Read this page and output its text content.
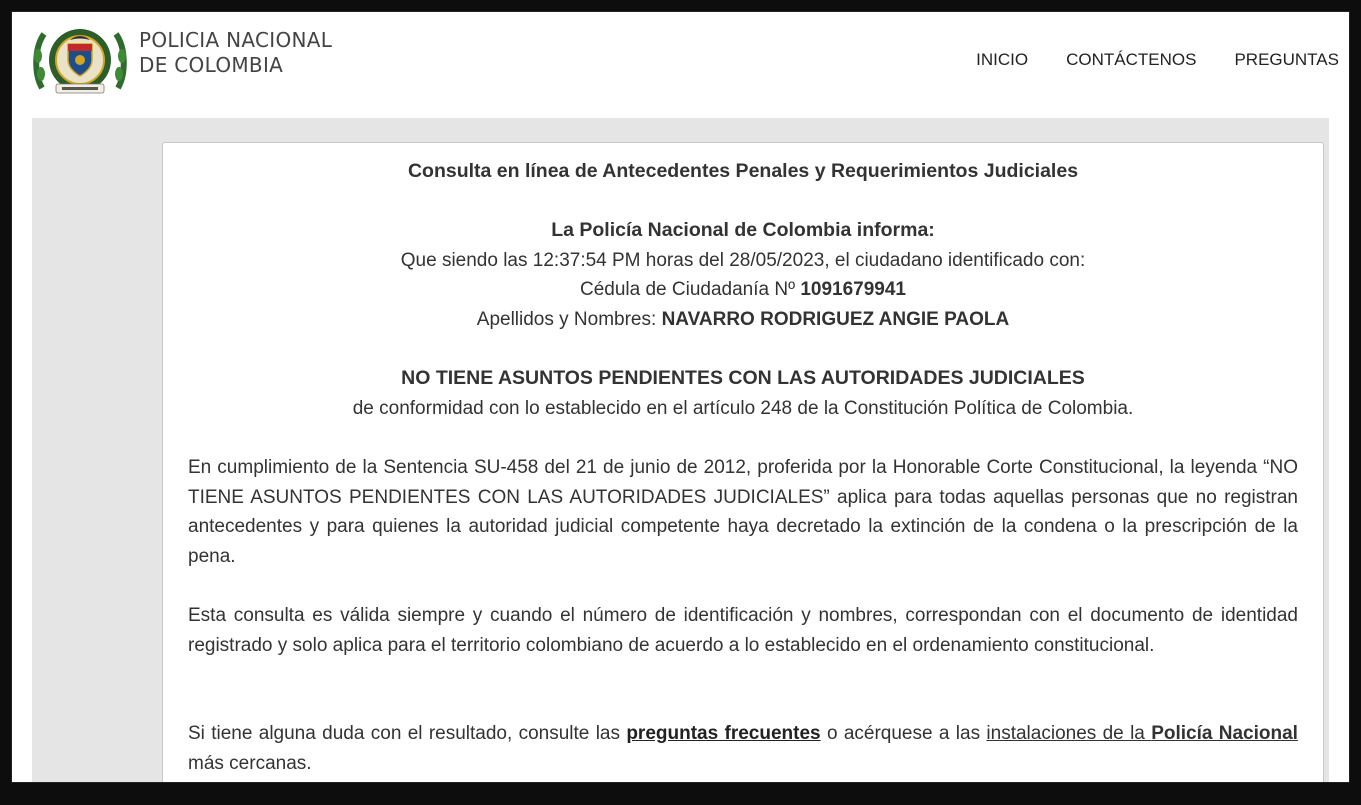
POLICIA NACIONAL
DE COLOMBIA	INICIO CONTÁCTENOS PREGUNTAS
Consulta en línea de Antecedentes Penales y Requerimientos Judiciales
La Policía Nacional de Colombia informa:
Que siendo las 12:37:54 PM horas del 28/05/2023, el ciudadano identificado con:
Cédula de Ciudadanía Nº 1091679941
Apellidos y Nombres: NAVARRO RODRIGUEZ ANGIE PAOLA
NO TIENE ASUNTOS PENDIENTES CON LAS AUTORIDADES JUDICIALES
de conformidad con lo establecido en el artículo 248 de la Constitución Política de Colombia.
En cumplimiento de la Sentencia SU-458 del 21 de junio de 2012, proferida por la Honorable Corte Constitucional, la leyenda “NO TIENE ASUNTOS PENDIENTES CON LAS AUTORIDADES JUDICIALES” aplica para todas aquellas personas que no registran antecedentes y para quienes la autoridad judicial competente haya decretado la extinción de la condena o la prescripción de la pena.
Esta consulta es válida siempre y cuando el número de identificación y nombres, correspondan con el documento de identidad registrado y solo aplica para el territorio colombiano de acuerdo a lo establecido en el ordenamiento constitucional.
Si tiene alguna duda con el resultado, consulte las preguntas frecuentes o acérquese a las instalaciones de la Policía Nacional más cercanas.
